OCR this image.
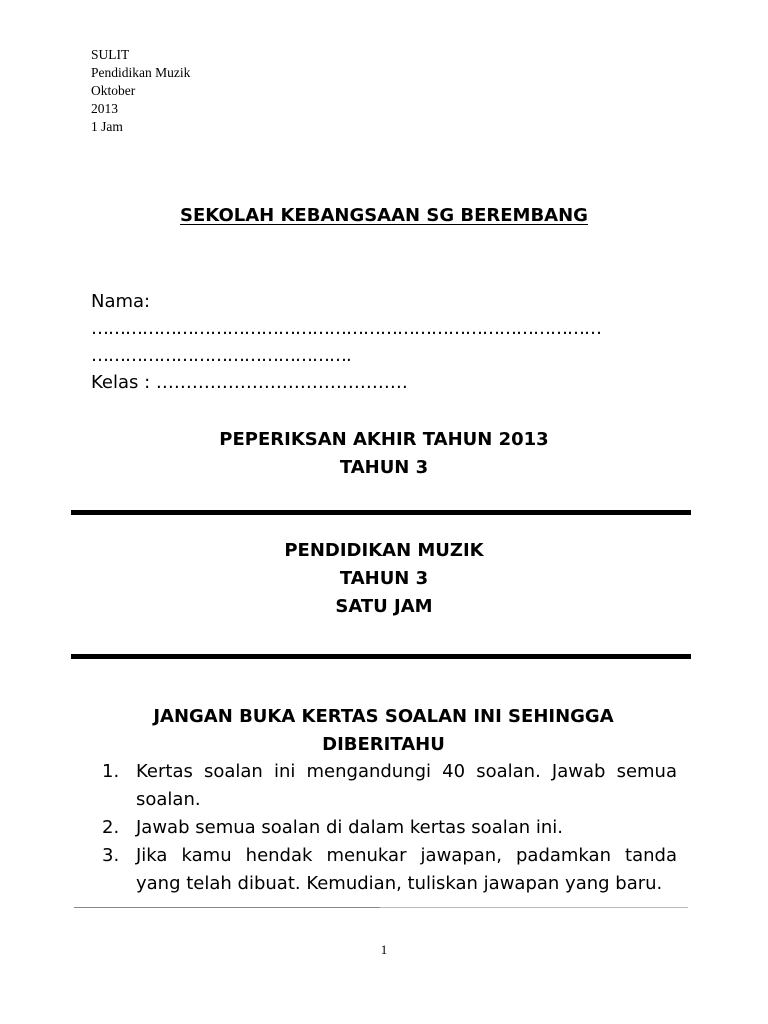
SULIT
Pendidikan Muzik
Oktober
2013
1 Jam
SEKOLAH KEBANGSAAN SG BEREMBANG
Nama:
………………………………………………………………………………
……………………………………….
Kelas : ……………………………………
PEPERIKSAN AKHIR TAHUN 2013
TAHUN 3
PENDIDIKAN MUZIK
TAHUN 3
SATU JAM
JANGAN BUKA KERTAS SOALAN INI SEHINGGA DIBERITAHU
1. Kertas soalan ini mengandungi 40 soalan. Jawab semua soalan.
2. Jawab semua soalan di dalam kertas soalan ini.
3. Jika kamu hendak menukar jawapan, padamkan tanda yang telah dibuat. Kemudian, tuliskan jawapan yang baru.
1
